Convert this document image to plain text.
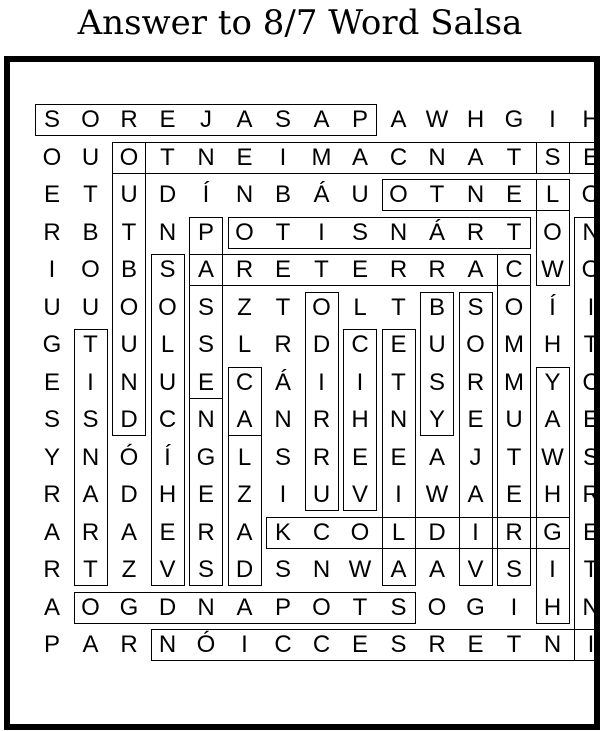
Answer to 8/7 Word Salsa
S O R E	J	A S A P A W H G	I	H
O U O T N E	I	M A C N A T S E
E T U D	Í	N B Á U O T N E L O
R B T N P O T	I	S N Á R T O N
I	O B S A R E T E R R A C W O
U U O O S Z T O L	T B S O	Í	I
G T U L S L R D C E U O M H T
E	I	N U E C Á	I	I	T S R M Y C
S S D C N A N R H N Y E U A E
Y N Ó	Í	G L S R E E A	J	T W S
R A D H E Z	I	U V	I W A E H R
A R A E R A K C O L D	I	R G E
R T Z V S D S N W A A V S	I	T
A O G D N A P O T S O G	I	H N
P A R N Ó	I	C C E S R E T N	I
